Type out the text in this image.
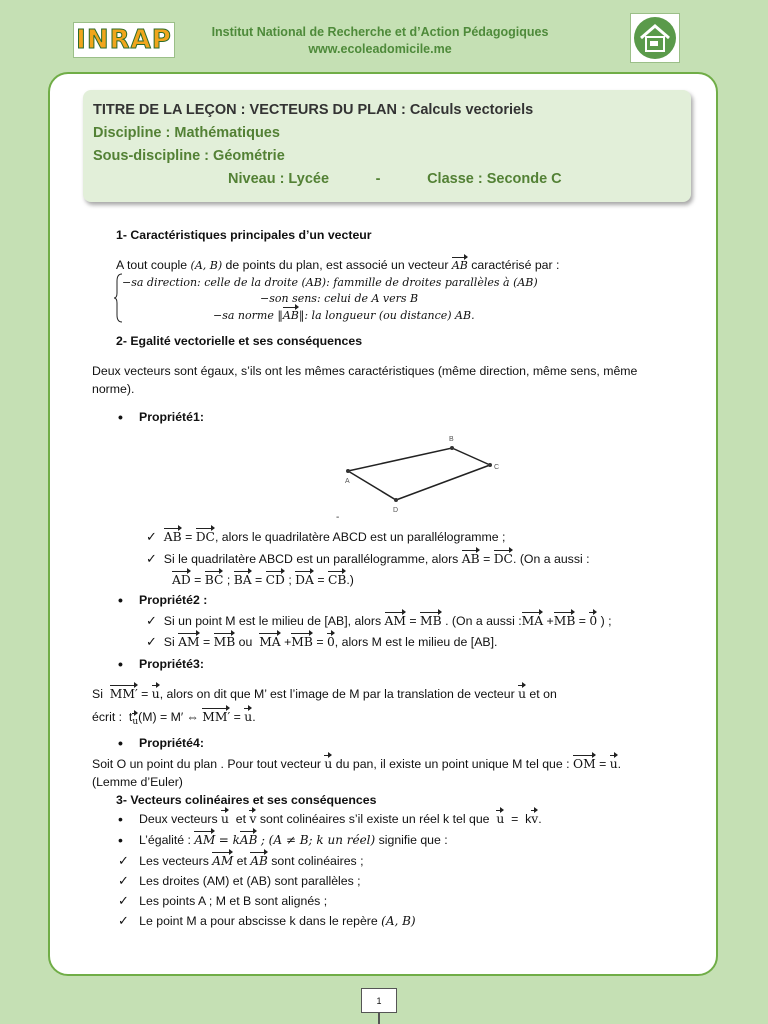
INRAP	Institut National de Recherche et d’Action Pédagogiques
www.ecoleadomicile.me
TITRE DE LA LEÇON : VECTEURS DU PLAN : Calculs vectoriels
Discipline : Mathématiques
Sous-discipline : Géométrie
Niveau : Lycée	-	Classe : Seconde C
1- Caractéristiques principales d’un vecteur
A tout couple (A, B) de points du plan, est associé un vecteur AB caractérisé par :
−sa direction: celle de la droite (AB): fammille de droites parallèles à (AB)
−son sens: celui de A vers B
−sa norme ‖AB‖: la longueur (ou distance) AB.
2- Egalité vectorielle et ses conséquences
Deux vecteurs sont égaux, s’ils ont les mêmes caractéristiques (même direction, même sens, même norme).
• Propriété1:
A
B
C
D
-
✓ AB = DC, alors le quadrilatère ABCD est un parallélogramme ;
✓ Si le quadrilatère ABCD est un parallélogramme, alors AB = DC. (On a aussi :
AD = BC ; BA = CD ; DA = CB.)
• Propriété2 :
✓ Si un point M est le milieu de [AB], alors AM = MB . (On a aussi :MA +MB = 0 ) ;
✓ Si AM = MB ou MA +MB = 0, alors M est le milieu de [AB].
• Propriété3:
Si MM′ = u, alors on dit que M’ est l’image de M par la translation de vecteur u et on
écrit :  $t_u(M) = M'$ ⇔ MM′ = u.
• Propriété4:
Soit O un point du plan . Pour tout vecteur u du pan, il existe un point unique M tel que : OM = u.
(Lemme d’Euler)
3- Vecteurs colinéaires et ses conséquences
• Deux vecteurs u et v sont colinéaires s’il existe un réel k tel que u  =  kv.
• L’égalité : AM = kAB ; (A ≠ B; k un réel) signifie que :
✓ Les vecteurs AM et AB sont colinéaires ;
✓ Les droites (AM) et (AB) sont parallèles ;
✓ Les points A ; M et B sont alignés ;
✓ Le point M a pour abscisse k dans le repère (A, B)
1
